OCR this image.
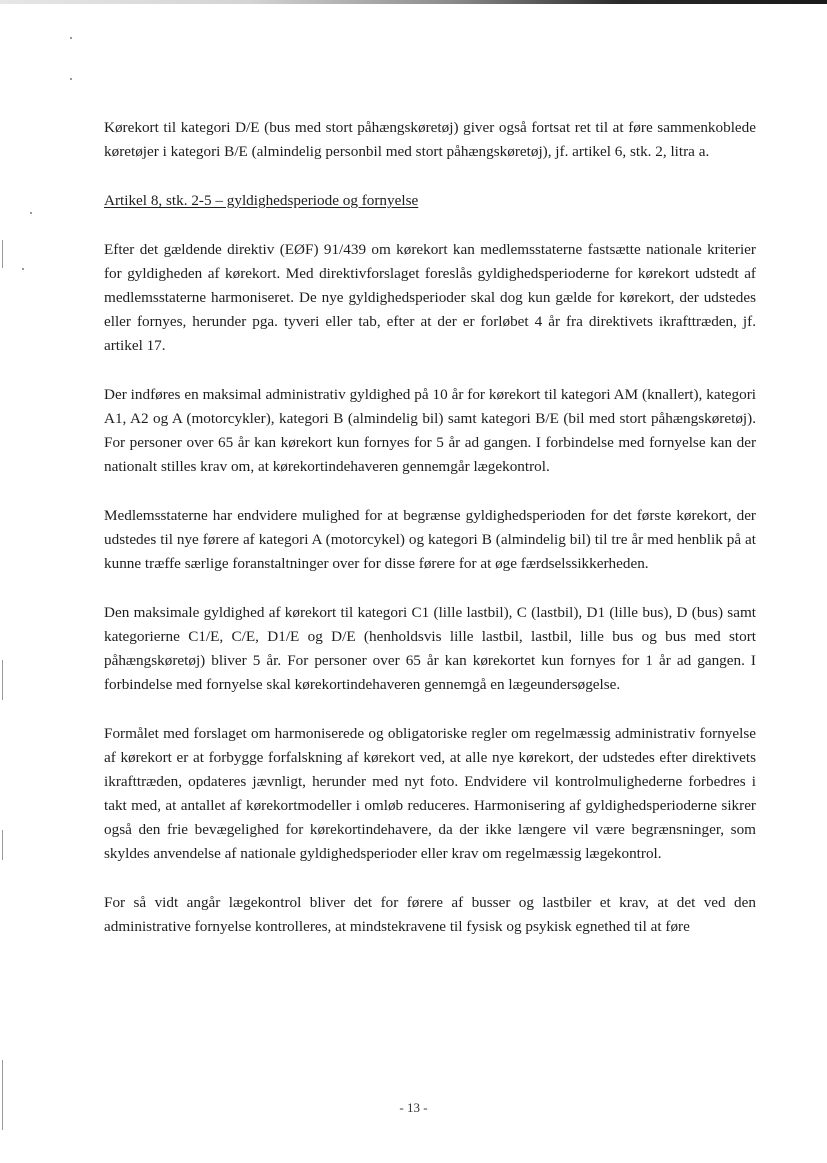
Kørekort til kategori D/E (bus med stort påhængskøretøj) giver også fortsat ret til at føre sammenkoblede køretøjer i kategori B/E (almindelig personbil med stort påhængskøretøj), jf. artikel 6, stk. 2, litra a.

Artikel 8, stk. 2-5 – gyldighedsperiode og fornyelse

Efter det gældende direktiv (EØF) 91/439 om kørekort kan medlemsstaterne fastsætte nationale kriterier for gyldigheden af kørekort. Med direktivforslaget foreslås gyldighedsperioderne for kørekort udstedt af medlemsstaterne harmoniseret. De nye gyldighedsperioder skal dog kun gælde for kørekort, der udstedes eller fornyes, herunder pga. tyveri eller tab, efter at der er forløbet 4 år fra direktivets ikrafttræden, jf. artikel 17.

Der indføres en maksimal administrativ gyldighed på 10 år for kørekort til kategori AM (knallert), kategori A1, A2 og A (motorcykler), kategori B (almindelig bil) samt kategori B/E (bil med stort påhængskøretøj). For personer over 65 år kan kørekort kun fornyes for 5 år ad gangen. I forbindelse med fornyelse kan der nationalt stilles krav om, at kørekortindehaveren gennemgår lægekontrol.

Medlemsstaterne har endvidere mulighed for at begrænse gyldighedsperioden for det første kørekort, der udstedes til nye førere af kategori A (motorcykel) og kategori B (almindelig bil) til tre år med henblik på at kunne træffe særlige foranstaltninger over for disse førere for at øge færdselssikkerheden.

Den maksimale gyldighed af kørekort til kategori C1 (lille lastbil), C (lastbil), D1 (lille bus), D (bus) samt kategorierne C1/E, C/E, D1/E og D/E (henholdsvis lille lastbil, lastbil, lille bus og bus med stort påhængskøretøj) bliver 5 år. For personer over 65 år kan kørekortet kun fornyes for 1 år ad gangen. I forbindelse med fornyelse skal kørekortindehaveren gennemgå en lægeundersøgelse.

Formålet med forslaget om harmoniserede og obligatoriske regler om regelmæssig administrativ fornyelse af kørekort er at forbygge forfalskning af kørekort ved, at alle nye kørekort, der udstedes efter direktivets ikrafttræden, opdateres jævnligt, herunder med nyt foto. Endvidere vil kontrolmulighederne forbedres i takt med, at antallet af kørekortmodeller i omløb reduceres. Harmonisering af gyldighedsperioderne sikrer også den frie bevægelighed for kørekortindehavere, da der ikke længere vil være begrænsninger, som skyldes anvendelse af nationale gyldighedsperioder eller krav om regelmæssig lægekontrol.

For så vidt angår lægekontrol bliver det for førere af busser og lastbiler et krav, at det ved den administrative fornyelse kontrolleres, at mindstekravene til fysisk og psykisk egnethed til at føre

- 13 -
